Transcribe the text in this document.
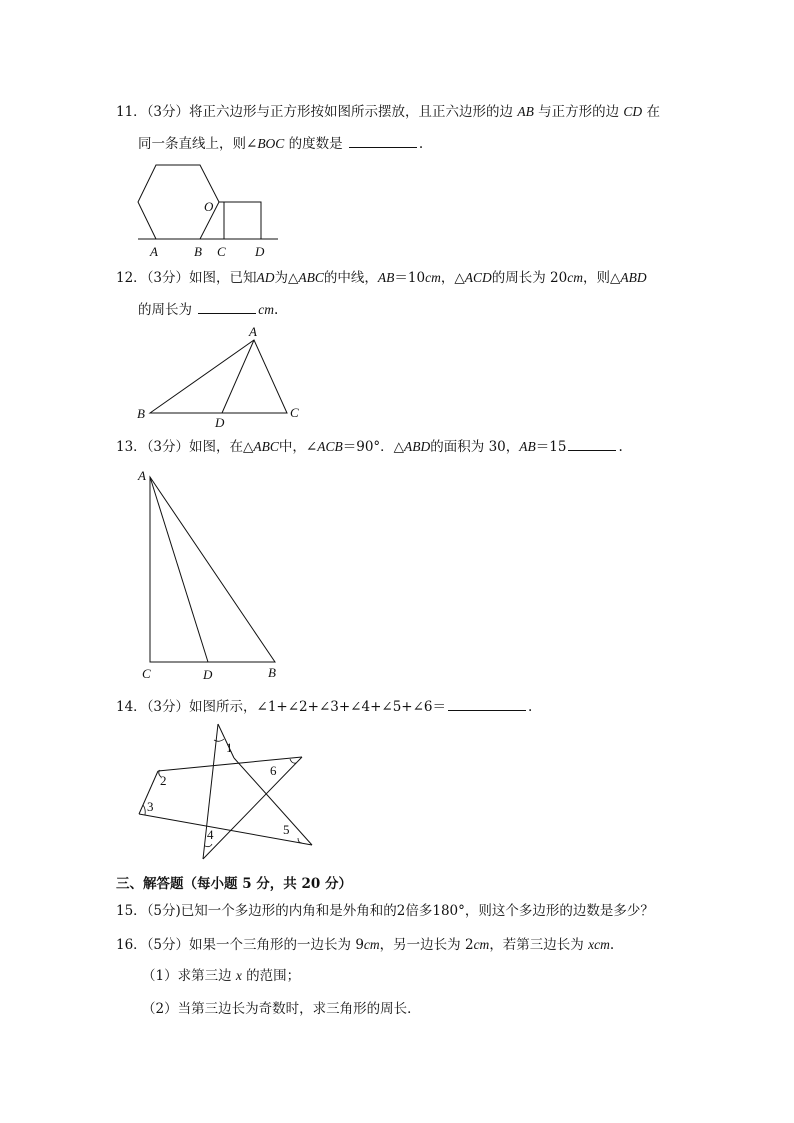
11．（3分）将正六边形与正方形按如图所示摆放，且正六边形的边 AB 与正方形的边 CD 在
同一条直线上，则∠BOC 的度数是	.
A	B C D
O
12．（3分）如图，已知AD为△ABC的中线，AB＝10cm，△ACD的周长为 20cm，则△ABD
的周长为	cm.
A
B	C
D
13．（3分）如图，在△ABC中，∠ACB＝90°．△ABD的面积为 30，AB＝15	.
A
C	D	B
14．（3分）如图所示，∠1+∠2+∠3+∠4+∠5+∠6＝	.
1
2
3
4	5
6
三、解答题（每小题 5 分，共 20 分）
15．（5分)已知一个多边形的内角和是外角和的2倍多180°，则这个多边形的边数是多少？
16．（5分）如果一个三角形的一边长为 9cm，另一边长为 2cm，若第三边长为 xcm.
（1）求第三边 x 的范围；
（2）当第三边长为奇数时，求三角形的周长．
